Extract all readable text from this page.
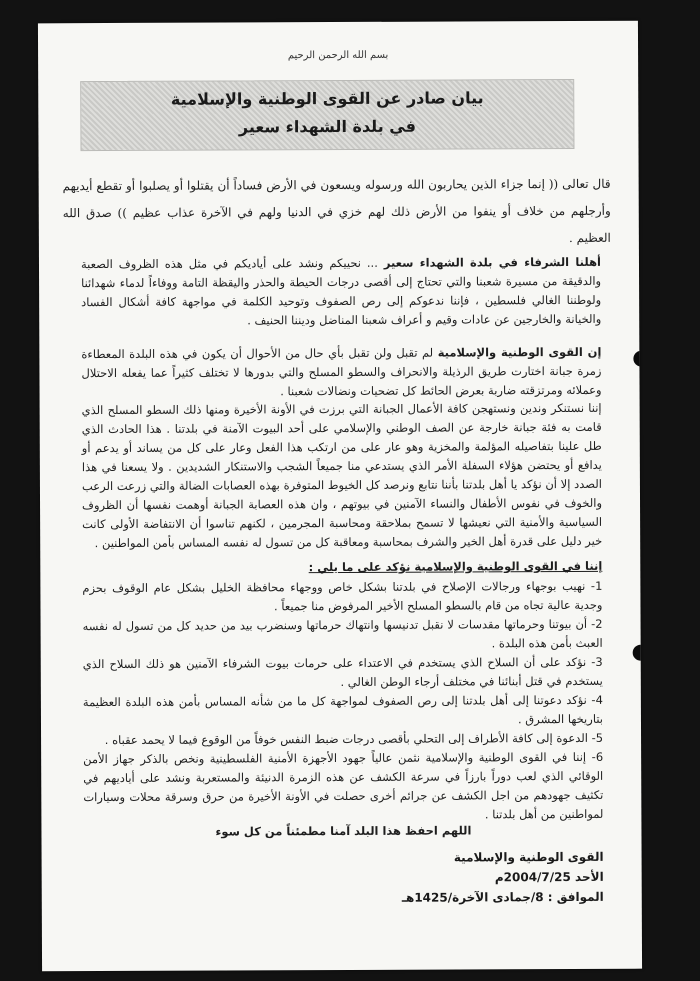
بسم الله الرحمن الرحيم
بيان صادر عن القوى الوطنية والإسلامية
في بلدة الشهداء سعير
قال تعالى (( إنما جزاء الذين يحاربون الله ورسوله ويسعون في الأرض فساداً أن يقتلوا أو يصلبوا أو تقطع أيديهم وأرجلهم من خلاف أو ينفوا من الأرض ذلك لهم خزي في الدنيا ولهم في الآخرة عذاب عظيم )) صدق الله العظيم .
أهلنا الشرفاء في بلدة الشهداء سعير ... نحييكم ونشد على أياديكم في مثل هذه الظروف الصعبة والدقيقة من مسيرة شعبنا والتي تحتاج إلى أقصى درجات الحيطة والحذر واليقظة التامة ووفاءاً لدماء شهدائنا ولوطننا الغالي فلسطين ، فإننا ندعوكم إلى رص الصفوف وتوحيد الكلمة في مواجهة كافة أشكال الفساد والخيانة والخارجين عن عادات وقيم و أعراف شعبنا المناضل وديننا الحنيف .
إن القوى الوطنية والإسلامية لم تقبل ولن تقبل بأي حال من الأحوال أن يكون في هذه البلدة المعطاءة زمرة جبانة اختارت طريق الرذيلة والانحراف والسطو المسلح والتي بدورها لا تختلف كثيراً عما يفعله الاحتلال وعملائه ومرتزقته ضاربة بعرض الحائط كل تضحيات ونضالات شعبنا .
إننا نستنكر وندين ونستهجن كافة الأعمال الجبانة التي برزت في الأونة الأخيرة ومنها ذلك السطو المسلح الذي قامت به فئة جبانة خارجة عن الصف الوطني والإسلامي على أحد البيوت الآمنة في بلدتنا . هذا الحادث الذي طل علينا بتفاصيله المؤلمة والمخزية وهو عار على من ارتكب هذا الفعل وعار على كل من يساند أو يدعم أو يدافع أو يحتضن هؤلاء السفلة الأمر الذي يستدعي منا جميعاً الشجب والاستنكار الشديدين . ولا يسعنا في هذا الصدد إلا أن نؤكد يا أهل بلدتنا بأننا نتابع ونرصد كل الخيوط المتوفرة بهذه العصابات الضالة والتي زرعت الرعب والخوف في نفوس الأطفال والنساء الآمنين في بيوتهم ، وان هذه العصابة الجبانة أوهمت نفسها أن الظروف السياسية والأمنية التي نعيشها لا تسمح بملاحقة ومحاسبة المجرمين ، لكنهم تناسوا أن الانتفاضة الأولى كانت خير دليل على قدرة أهل الخير والشرف بمحاسبة ومعاقبة كل من تسول له نفسه المساس بأمن المواطنين .
إننا في القوى الوطنية والإسلامية نؤكد على ما يلي :
1- نهيب بوجهاء ورجالات الإصلاح في بلدتنا بشكل خاص ووجهاء محافظة الخليل بشكل عام الوقوف بحزم وجدية عالية تجاه من قام بالسطو المسلح الأخير المرفوض منا جميعاً .
2- أن بيوتنا وحرماتها مقدسات لا نقبل تدنيسها وانتهاك حرماتها وسنضرب بيد من حديد كل من تسول له نفسه العبث بأمن هذه البلدة .
3- نؤكد على أن السلاح الذي يستخدم في الاعتداء على حرمات بيوت الشرفاء الآمنين هو ذلك السلاح الذي يستخدم في قتل أبنائنا في مختلف أرجاء الوطن الغالي .
4- نؤكد دعوتنا إلى أهل بلدتنا إلى رص الصفوف لمواجهة كل ما من شأنه المساس بأمن هذه البلدة العظيمة بتاريخها المشرق .
5- الدعوة إلى كافة الأطراف إلى التحلي بأقصى درجات ضبط النفس خوفاً من الوقوع فيما لا يحمد عقباه .
6- إننا في القوى الوطنية والإسلامية نثمن عالياً جهود الأجهزة الأمنية الفلسطينية ونخص بالذكر جهاز الأمن الوقائي الذي لعب دوراً بارزاً في سرعة الكشف عن هذه الزمرة الدنيئة والمستعربة ونشد على أياديهم في تكثيف جهودهم من اجل الكشف عن جرائم أخرى حصلت في الأونة الأخيرة من حرق وسرقة محلات وسيارات لمواطنين من أهل بلدتنا .
اللهم احفظ هذا البلد آمنا مطمئناً من كل سوء
القوى الوطنية والإسلامية
الأحد 2004/7/25م
الموافق : 8/جمادى الآخرة/1425هـ
